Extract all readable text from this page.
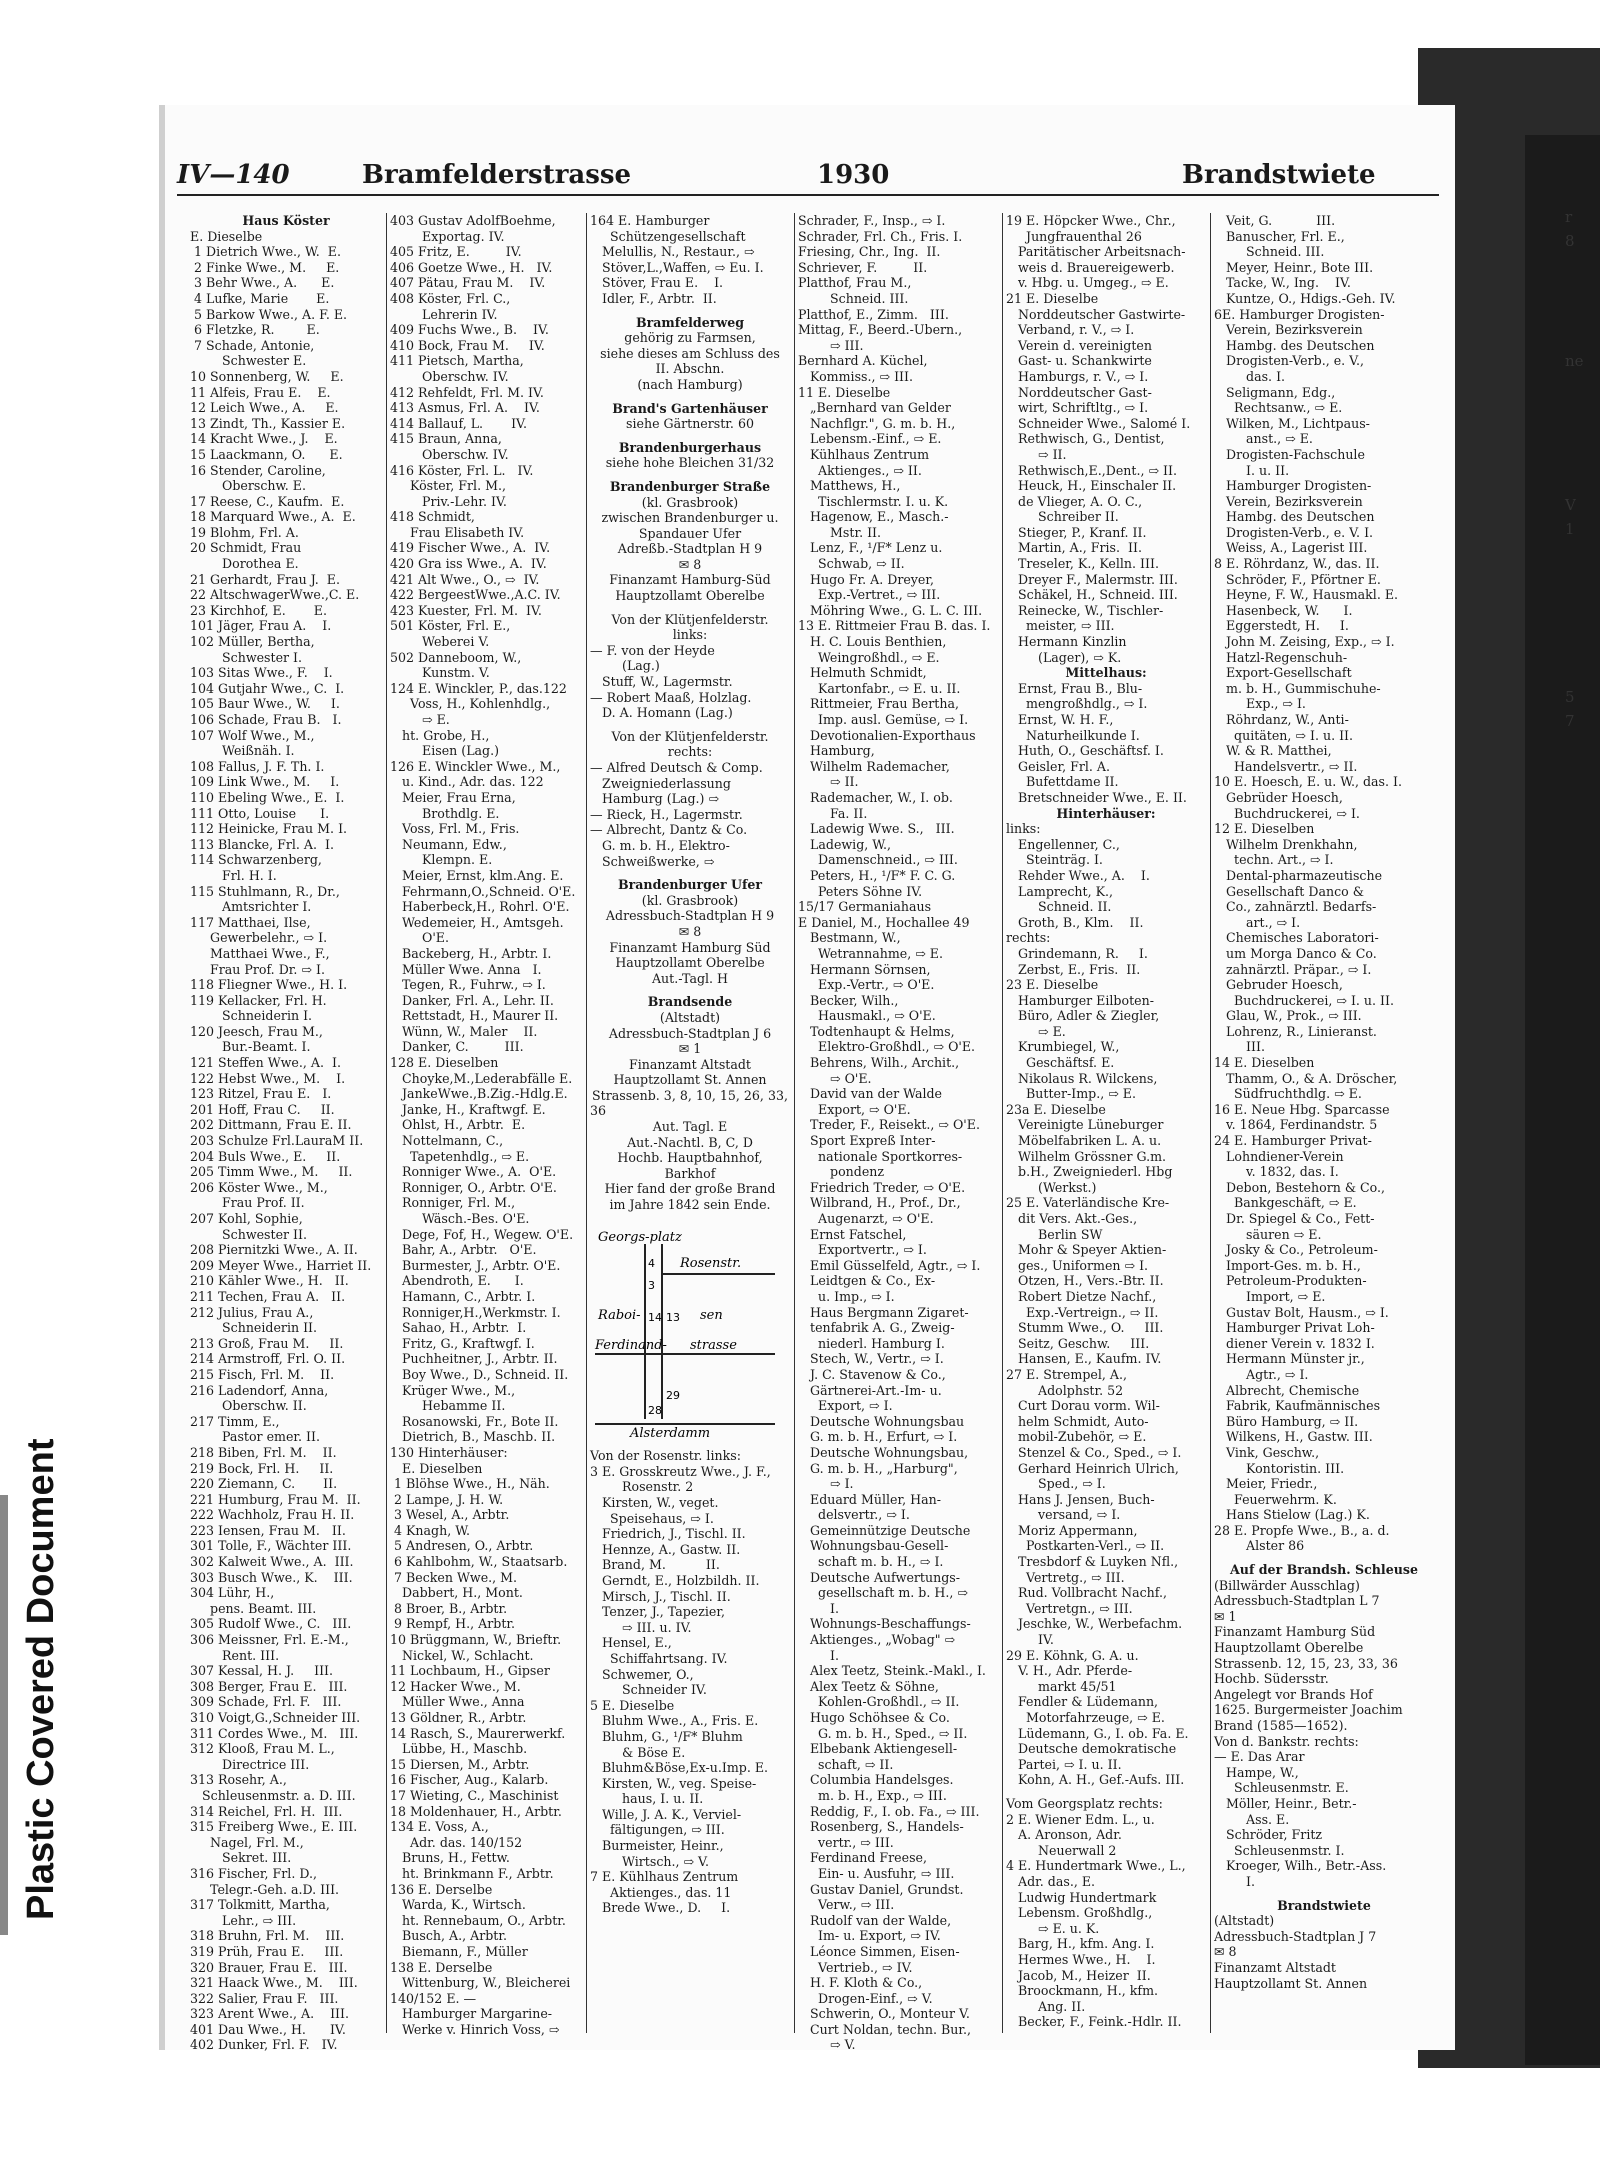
Plastic Covered Document
r
8
ne
V
1
5
7
IV—140	Bramfelderstrasse	1930	Brandstwiete
Haus Köster
E. Dieselbe
1 Dietrich Wwe., W.  E.
2 Finke Wwe., M.     E.
3 Behr Wwe., A.      E.
4 Lufke, Marie       E.
5 Barkow Wwe., A. F. E.
6 Fletzke, R.        E.
7 Schade, Antonie,
Schwester E.
10 Sonnenberg, W.     E.
11 Alfeis, Frau E.    E.
12 Leich Wwe., A.     E.
13 Zindt, Th., Kassier E.
14 Kracht Wwe., J.    E.
15 Laackmann, O.      E.
16 Stender, Caroline,
Oberschw. E.
17 Reese, C., Kaufm.  E.
18 Marquard Wwe., A.  E.
19 Blohm, Frl. A.
20 Schmidt, Frau
Dorothea E.
21 Gerhardt, Frau J.  E.
22 AltschwagerWwe.,C. E.
23 Kirchhof, E.       E.
101 Jäger, Frau A.    I.
102 Müller, Bertha,
Schwester I.
103 Sitas Wwe., F.    I.
104 Gutjahr Wwe., C.  I.
105 Baur Wwe., W.     I.
106 Schade, Frau B.   I.
107 Wolf Wwe., M.,
Weißnäh. I.
108 Fallus, J. F. Th. I.
109 Link Wwe., M.     I.
110 Ebeling Wwe., E.  I.
111 Otto, Louise      I.
112 Heinicke, Frau M. I.
113 Blancke, Frl. A.  I.
114 Schwarzenberg,
Frl. H. I.
115 Stuhlmann, R., Dr.,
Amtsrichter I.
117 Matthaei, Ilse,
Gewerbelehr., ⇨ I.
Matthaei Wwe., F.,
Frau Prof. Dr. ⇨ I.
118 Fliegner Wwe., H. I.
119 Kellacker, Frl. H.
Schneiderin I.
120 Jeesch, Frau M.,
Bur.-Beamt. I.
121 Steffen Wwe., A.  I.
122 Hebst Wwe., M.    I.
123 Ritzel, Frau E.   I.
201 Hoff, Frau C.     II.
202 Dittmann, Frau E. II.
203 Schulze Frl.LauraM II.
204 Buls Wwe., E.     II.
205 Timm Wwe., M.     II.
206 Köster Wwe., M.,
Frau Prof. II.
207 Kohl, Sophie,
Schwester II.
208 Piernitzki Wwe., A. II.
209 Meyer Wwe., Harriet II.
210 Kähler Wwe., H.   II.
211 Techen, Frau A.   II.
212 Julius, Frau A.,
Schneiderin II.
213 Groß, Frau M.     II.
214 Armstroff, Frl. O. II.
215 Fisch, Frl. M.    II.
216 Ladendorf, Anna,
Oberschw. II.
217 Timm, E.,
Pastor emer. II.
218 Biben, Frl. M.    II.
219 Bock, Frl. H.     II.
220 Ziemann, C.       II.
221 Humburg, Frau M.  II.
222 Wachholz, Frau H. II.
223 Iensen, Frau M.   II.
301 Tolle, F., Wächter III.
302 Kalweit Wwe., A.  III.
303 Busch Wwe., K.    III.
304 Lühr, H.,
pens. Beamt. III.
305 Rudolf Wwe., C.   III.
306 Meissner, Frl. E.-M.,
Rent. III.
307 Kessal, H. J.     III.
308 Berger, Frau E.   III.
309 Schade, Frl. F.   III.
310 Voigt,G.,Schneider III.
311 Cordes Wwe., M.   III.
312 Klooß, Frau M. L.,
Directrice III.
313 Rosehr, A.,
Schleusenmstr. a. D. III.
314 Reichel, Frl. H.  III.
315 Freiberg Wwe., E. III.
Nagel, Frl. M.,
Sekret. III.
316 Fischer, Frl. D.,
Telegr.-Geh. a.D. III.
317 Tolkmitt, Martha,
Lehr., ⇨ III.
318 Bruhn, Frl. M.    III.
319 Prüh, Frau E.     III.
320 Brauer, Frau E.   III.
321 Haack Wwe., M.    III.
322 Salier, Frau F.   III.
323 Arent Wwe., A.    III.
401 Dau Wwe., H.      IV.
402 Dunker, Frl. F.   IV.
403 Gustav AdolfBoehme,
Exportag. IV.
405 Fritz, E.         IV.
406 Goetze Wwe., H.   IV.
407 Pätau, Frau M.    IV.
408 Köster, Frl. C.,
Lehrerin IV.
409 Fuchs Wwe., B.    IV.
410 Bock, Frau M.     IV.
411 Pietsch, Martha,
Oberschw. IV.
412 Rehfeldt, Frl. M. IV.
413 Asmus, Frl. A.    IV.
414 Ballauf, L.       IV.
415 Braun, Anna,
Oberschw. IV.
416 Köster, Frl. L.   IV.
Köster, Frl. M.,
Priv.-Lehr. IV.
418 Schmidt,
Frau Elisabeth IV.
419 Fischer Wwe., A.  IV.
420 Gra iss Wwe., A.  IV.
421 Alt Wwe., O., ⇨  IV.
422 BergeestWwe.,A.C. IV.
423 Kuester, Frl. M.  IV.
501 Köster, Frl. E.,
Weberei V.
502 Danneboom, W.,
Kunstm. V.
124 E. Winckler, P., das.122
Voss, H., Kohlenhdlg.,
⇨ E.
ht. Grobe, H.,
Eisen (Lag.)
126 E. Winckler Wwe., M.,
u. Kind., Adr. das. 122
Meier, Frau Erna,
Brothdlg. E.
Voss, Frl. M., Fris.
Neumann, Edw.,
Klempn. E.
Meier, Ernst, klm.Ang. E.
Fehrmann,O.,Schneid. O'E.
Haberbeck,H., Rohrl. O'E.
Wedemeier, H., Amtsgeh.
O'E.
Backeberg, H., Arbtr. I.
Müller Wwe. Anna   I.
Tegen, R., Fuhrw., ⇨ I.
Danker, Frl. A., Lehr. II.
Rettstadt, H., Maurer II.
Wünn, W., Maler    II.
Danker, C.         III.
128 E. Dieselben
Choyke,M.,Lederabfälle E.
JankeWwe.,B.Zig.-Hdlg.E.
Janke, H., Kraftwgf. E.
Ohlst, H., Arbtr.  E.
Nottelmann, C.,
Tapetenhdlg., ⇨ E.
Ronniger Wwe., A.  O'E.
Ronniger, O., Arbtr. O'E.
Ronniger, Frl. M.,
Wäsch.-Bes. O'E.
Dege, Fof, H., Wegew. O'E.
Bahr, A., Arbtr.   O'E.
Burmester, J., Arbtr. O'E.
Abendroth, E.      I.
Hamann, C., Arbtr. I.
Ronniger,H.,Werkmstr. I.
Sahao, H., Arbtr.  I.
Fritz, G., Kraftwgf. I.
Puchheitner, J., Arbtr. II.
Boy Wwe., D., Schneid. II.
Krüger Wwe., M.,
Hebamme II.
Rosanowski, Fr., Bote II.
Dietrich, B., Maschb. II.
130 Hinterhäuser:
E. Dieselben
1 Blöhse Wwe., H., Näh.
2 Lampe, J. H. W.
3 Wesel, A., Arbtr.
4 Knagh, W.
5 Andresen, O., Arbtr.
6 Kahlbohm, W., Staatsarb.
7 Becken Wwe., M.
Dabbert, H., Mont.
8 Broer, B., Arbtr.
9 Rempf, H., Arbtr.
10 Brüggmann, W., Brieftr.
Nickel, W., Schlacht.
11 Lochbaum, H., Gipser
12 Hacker Wwe., M.
Müller Wwe., Anna
13 Göldner, R., Arbtr.
14 Rasch, S., Maurerwerkf.
Lübbe, H., Maschb.
15 Diersen, M., Arbtr.
16 Fischer, Aug., Kalarb.
17 Wieting, C., Maschinist
18 Moldenhauer, H., Arbtr.
134 E. Voss, A.,
Adr. das. 140/152
Bruns, H., Fettw.
ht. Brinkmann F., Arbtr.
136 E. Derselbe
Warda, K., Wirtsch.
ht. Rennebaum, O., Arbtr.
Busch, A., Arbtr.
Biemann, F., Müller
138 E. Derselbe
Wittenburg, W., Bleicherei
140/152 E. —
Hamburger Margarine-
Werke v. Hinrich Voss, ⇨
164 E. Hamburger
Schützengesellschaft
Melullis, N., Restaur., ⇨
Stöver,L.,Waffen, ⇨ Eu. I.
Stöver, Frau E.    I.
Idler, F., Arbtr.  II.
Bramfelderweg
gehörig zu Farmsen,
siehe dieses am Schluss des
II. Abschn.
(nach Hamburg)
Brand's Gartenhäuser
siehe Gärtnerstr. 60
Brandenburgerhaus
siehe hohe Bleichen 31/32
Brandenburger Straße
(kl. Grasbrook)
zwischen Brandenburger u.
Spandauer Ufer
Adreßb.-Stadtplan H 9
✉ 8
Finanzamt Hamburg-Süd
Hauptzollamt Oberelbe
Von der Klütjenfelderstr.
links:
— F. von der Heyde
(Lag.)
Stuff, W., Lagermstr.
— Robert Maaß, Holzlag.
D. A. Homann (Lag.)
Von der Klütjenfelderstr.
rechts:
— Alfred Deutsch & Comp.
Zweigniederlassung
Hamburg (Lag.) ⇨
— Rieck, H., Lagermstr.
— Albrecht, Dantz & Co.
G. m. b. H., Elektro-
Schweißwerke, ⇨
Brandenburger Ufer
(kl. Grasbrook)
Adressbuch-Stadtplan H 9
✉ 8
Finanzamt Hamburg Süd
Hauptzollamt Oberelbe
Aut.-Tagl. H
Brandsende
(Altstadt)
Adressbuch-Stadtplan J 6
✉ 1
Finanzamt Altstadt
Hauptzollamt St. Annen
Strassenb. 3, 8, 10, 15, 26, 33,
36
Aut. Tagl. E
Aut.-Nachtl. B, C, D
Hochb. Hauptbahnhof,
Barkhof
Hier fand der große Brand
im Jahre 1842 sein Ende.
Georgs-platz
Rosenstr.
Raboi-	sen
Ferdinand- strasse
Alsterdamm
4
3
14 13
28
29
Von der Rosenstr. links:
3 E. Grosskreutz Wwe., J. F.,
Rosenstr. 2
Kirsten, W., veget.
Speisehaus, ⇨ I.
Friedrich, J., Tischl. II.
Hennze, A., Gastw. II.
Brand, M.          II.
Gerndt, E., Holzbildh. II.
Mirsch, J., Tischl. II.
Tenzer, J., Tapezier,
⇨ III. u. IV.
Hensel, E.,
Schiffahrtsang. IV.
Schwemer, O.,
Schneider IV.
5 E. Dieselbe
Bluhm Wwe., A., Fris. E.
Bluhm, G., ¹/F* Bluhm
& Böse E.
Bluhm&Böse,Ex-u.Imp. E.
Kirsten, W., veg. Speise-
haus, I. u. II.
Wille, J. A. K., Verviel-
fältigungen, ⇨ III.
Burmeister, Heinr.,
Wirtsch., ⇨ V.
7 E. Kühlhaus Zentrum
Aktienges., das. 11
Brede Wwe., D.     I.
Schrader, F., Insp., ⇨ I.
Schrader, Frl. Ch., Fris. I.
Friesing, Chr., Ing.  II.
Schriever, F.         II.
Platthof, Frau M.,
Schneid. III.
Platthof, E., Zimm.   III.
Mittag, F., Beerd.-Ubern.,
⇨ III.
Bernhard A. Küchel,
Kommiss., ⇨ III.
11 E. Dieselbe
„Bernhard van Gelder
Nachflgr.", G. m. b. H.,
Lebensm.-Einf., ⇨ E.
Kühlhaus Zentrum
Aktienges., ⇨ II.
Matthews, H.,
Tischlermstr. I. u. K.
Hagenow, E., Masch.-
Mstr. II.
Lenz, F., ¹/F* Lenz u.
Schwab, ⇨ II.
Hugo Fr. A. Dreyer,
Exp.-Vertret., ⇨ III.
Möhring Wwe., G. L. C. III.
13 E. Rittmeier Frau B. das. I.
H. C. Louis Benthien,
Weingroßhdl., ⇨ E.
Helmuth Schmidt,
Kartonfabr., ⇨ E. u. II.
Rittmeier, Frau Bertha,
Imp. ausl. Gemüse, ⇨ I.
Devotionalien-Exporthaus
Hamburg,
Wilhelm Rademacher,
⇨ II.
Rademacher, W., I. ob.
Fa. II.
Ladewig Wwe. S.,   III.
Ladewig, W.,
Damenschneid., ⇨ III.
Peters, H., ¹/F* F. C. G.
Peters Söhne IV.
15/17 Germaniahaus
E Daniel, M., Hochallee 49
Bestmann, W.,
Wetrannahme, ⇨ E.
Hermann Sörnsen,
Exp.-Vertr., ⇨ O'E.
Becker, Wilh.,
Hausmakl., ⇨ O'E.
Todtenhaupt & Helms,
Elektro-Großhdl., ⇨ O'E.
Behrens, Wilh., Archit.,
⇨ O'E.
David van der Walde
Export, ⇨ O'E.
Treder, F., Reisekt., ⇨ O'E.
Sport Expreß Inter-
nationale Sportkorres-
pondenz
Friedrich Treder, ⇨ O'E.
Wilbrand, H., Prof., Dr.,
Augenarzt, ⇨ O'E.
Ernst Fatschel,
Exportvertr., ⇨ I.
Emil Güsselfeld, Agtr., ⇨ I.
Leidtgen & Co., Ex-
u. Imp., ⇨ I.
Haus Bergmann Zigaret-
tenfabrik A. G., Zweig-
niederl. Hamburg I.
Stech, W., Vertr., ⇨ I.
J. C. Stavenow & Co.,
Gärtnerei-Art.-Im- u.
Export, ⇨ I.
Deutsche Wohnungsbau
G. m. b. H., Erfurt, ⇨ I.
Deutsche Wohnungsbau,
G. m. b. H., „Harburg",
⇨ I.
Eduard Müller, Han-
delsvertr., ⇨ I.
Gemeinnützige Deutsche
Wohnungsbau-Gesell-
schaft m. b. H., ⇨ I.
Deutsche Aufwertungs-
gesellschaft m. b. H., ⇨
I.
Wohnungs-Beschaffungs-
Aktienges., „Wobag" ⇨
I.
Alex Teetz, Steink.-Makl., I.
Alex Teetz & Söhne,
Kohlen-Großhdl., ⇨ II.
Hugo Schöhsee & Co.
G. m. b. H., Sped., ⇨ II.
Elbebank Aktiengesell-
schaft, ⇨ II.
Columbia Handelsges.
m. b. H., Exp., ⇨ III.
Reddig, F., I. ob. Fa., ⇨ III.
Rosenberg, S., Handels-
vertr., ⇨ III.
Ferdinand Freese,
Ein- u. Ausfuhr, ⇨ III.
Gustav Daniel, Grundst.
Verw., ⇨ III.
Rudolf van der Walde,
Im- u. Export, ⇨ IV.
Léonce Simmen, Eisen-
Vertrieb., ⇨ IV.
H. F. Kloth & Co.,
Drogen-Einf., ⇨ V.
Schwerin, O., Monteur V.
Curt Noldan, techn. Bur.,
⇨ V.
19 E. Höpcker Wwe., Chr.,
Jungfrauenthal 26
Paritätischer Arbeitsnach-
weis d. Brauereigewerb.
v. Hbg. u. Umgeg., ⇨ E.
21 E. Dieselbe
Norddeutscher Gastwirte-
Verband, r. V., ⇨ I.
Verein d. vereinigten
Gast- u. Schankwirte
Hamburgs, r. V., ⇨ I.
Norddeutscher Gast-
wirt, Schriftltg., ⇨ I.
Schneider Wwe., Salomé I.
Rethwisch, G., Dentist,
⇨ II.
Rethwisch,E.,Dent., ⇨ II.
Heuck, H., Einschaler II.
de Vlieger, A. O. C.,
Schreiber II.
Stieger, P., Kranf. II.
Martin, A., Fris.  II.
Treseler, K., Kelln. III.
Dreyer F., Malermstr. III.
Schäkel, H., Schneid. III.
Reinecke, W., Tischler-
meister, ⇨ III.
Hermann Kinzlin
(Lager), ⇨ K.
Mittelhaus:
Ernst, Frau B., Blu-
mengroßhdlg., ⇨ I.
Ernst, W. H. F.,
Naturheilkunde I.
Huth, O., Geschäftsf. I.
Geisler, Frl. A.
Bufettdame II.
Bretschneider Wwe., E. II.
Hinterhäuser:
links:
Engellenner, C.,
Steinträg. I.
Rehder Wwe., A.    I.
Lamprecht, K.,
Schneid. II.
Groth, B., Klm.    II.
rechts:
Grindemann, R.     I.
Zerbst, E., Fris.  II.
23 E. Dieselbe
Hamburger Eilboten-
Büro, Adler & Ziegler,
⇨ E.
Krumbiegel, W.,
Geschäftsf. E.
Nikolaus R. Wilckens,
Butter-Imp., ⇨ E.
23a E. Dieselbe
Vereinigte Lüneburger
Möbelfabriken L. A. u.
Wilhelm Grössner G.m.
b.H., Zweigniederl. Hbg
(Werkst.)
25 E. Vaterländische Kre-
dit Vers. Akt.-Ges.,
Berlin SW
Mohr & Speyer Aktien-
ges., Uniformen ⇨ I.
Otzen, H., Vers.-Btr. II.
Robert Dietze Nachf.,
Exp.-Vertreign., ⇨ II.
Stumm Wwe., O.     III.
Seitz, Geschw.     III.
Hansen, E., Kaufm. IV.
27 E. Strempel, A.,
Adolphstr. 52
Curt Dorau vorm. Wil-
helm Schmidt, Auto-
mobil-Zubehör, ⇨ E.
Stenzel & Co., Sped., ⇨ I.
Gerhard Heinrich Ulrich,
Sped., ⇨ I.
Hans J. Jensen, Buch-
versand, ⇨ I.
Moriz Appermann,
Postkarten-Verl., ⇨ II.
Tresbdorf & Luyken Nfl.,
Vertretg., ⇨ III.
Rud. Vollbracht Nachf.,
Vertretgn., ⇨ III.
Jeschke, W., Werbefachm.
IV.
29 E. Köhnk, G. A. u.
V. H., Adr. Pferde-
markt 45/51
Fendler & Lüdemann,
Motorfahrzeuge, ⇨ E.
Lüdemann, G., I. ob. Fa. E.
Deutsche demokratische
Partei, ⇨ I. u. II.
Kohn, A. H., Gef.-Aufs. III.
Vom Georgsplatz rechts:
2 E. Wiener Edm. L., u.
A. Aronson, Adr.
Neuerwall 2
4 E. Hundertmark Wwe., L.,
Adr. das., E.
Ludwig Hundertmark
Lebensm. Großhdlg.,
⇨ E. u. K.
Barg, H., kfm. Ang. I.
Hermes Wwe., H.    I.
Jacob, M., Heizer  II.
Broockmann, H., kfm.
Ang. II.
Becker, F., Feink.-Hdlr. II.
Veit, G.           III.
Banuscher, Frl. E.,
Schneid. III.
Meyer, Heinr., Bote III.
Tacke, W., Ing.    IV.
Kuntze, O., Hdigs.-Geh. IV.
6E. Hamburger Drogisten-
Verein, Bezirksverein
Hambg. des Deutschen
Drogisten-Verb., e. V.,
das. I.
Seligmann, Edg.,
Rechtsanw., ⇨ E.
Wilken, M., Lichtpaus-
anst., ⇨ E.
Drogisten-Fachschule
I. u. II.
Hamburger Drogisten-
Verein, Bezirksverein
Hambg. des Deutschen
Drogisten-Verb., e. V. I.
Weiss, A., Lagerist III.
8 E. Röhrdanz, W., das. II.
Schröder, F., Pförtner E.
Heyne, F. W., Hausmakl. E.
Hasenbeck, W.      I.
Eggerstedt, H.     I.
John M. Zeising, Exp., ⇨ I.
Hatzl-Regenschuh-
Export-Gesellschaft
m. b. H., Gummischuhe-
Exp., ⇨ I.
Röhrdanz, W., Anti-
quitäten, ⇨ I. u. II.
W. & R. Matthei,
Handelsvertr., ⇨ II.
10 E. Hoesch, E. u. W., das. I.
Gebrüder Hoesch,
Buchdruckerei, ⇨ I.
12 E. Dieselben
Wilhelm Drenkhahn,
techn. Art., ⇨ I.
Dental-pharmazeutische
Gesellschaft Danco &
Co., zahnärztl. Bedarfs-
art., ⇨ I.
Chemisches Laboratori-
um Morga Danco & Co.
zahnärztl. Präpar., ⇨ I.
Gebruder Hoesch,
Buchdruckerei, ⇨ I. u. II.
Glau, W., Prok., ⇨ III.
Lohrenz, R., Linieranst.
III.
14 E. Dieselben
Thamm, O., & A. Dröscher,
Südfruchthdlg. ⇨ E.
16 E. Neue Hbg. Sparcasse
v. 1864, Ferdinandstr. 5
24 E. Hamburger Privat-
Lohndiener-Verein
v. 1832, das. I.
Debon, Bestehorn & Co.,
Bankgeschäft, ⇨ E.
Dr. Spiegel & Co., Fett-
säuren ⇨ E.
Josky & Co., Petroleum-
Import-Ges. m. b. H.,
Petroleum-Produkten-
Import, ⇨ E.
Gustav Bolt, Hausm., ⇨ I.
Hamburger Privat Loh-
diener Verein v. 1832 I.
Hermann Münster jr.,
Agtr., ⇨ I.
Albrecht, Chemische
Fabrik, Kaufmännisches
Büro Hamburg, ⇨ II.
Wilkens, H., Gastw. III.
Vink, Geschw.,
Kontoristin. III.
Meier, Friedr.,
Feuerwehrm. K.
Hans Stielow (Lag.) K.
28 E. Propfe Wwe., B., a. d.
Alster 86
Auf der Brandsh. Schleuse
(Billwärder Ausschlag)
Adressbuch-Stadtplan L 7
✉ 1
Finanzamt Hamburg Süd
Hauptzollamt Oberelbe
Strassenb. 12, 15, 23, 33, 36
Hochb. Südersstr.
Angelegt vor Brands Hof
1625. Burgermeister Joachim
Brand (1585—1652).
Von d. Bankstr. rechts:
— E. Das Arar
Hampe, W.,
Schleusenmstr. E.
Möller, Heinr., Betr.-
Ass. E.
Schröder, Fritz
Schleusenmstr. I.
Kroeger, Wilh., Betr.-Ass.
I.
Brandstwiete
(Altstadt)
Adressbuch-Stadtplan J 7
✉ 8
Finanzamt Altstadt
Hauptzollamt St. Annen
